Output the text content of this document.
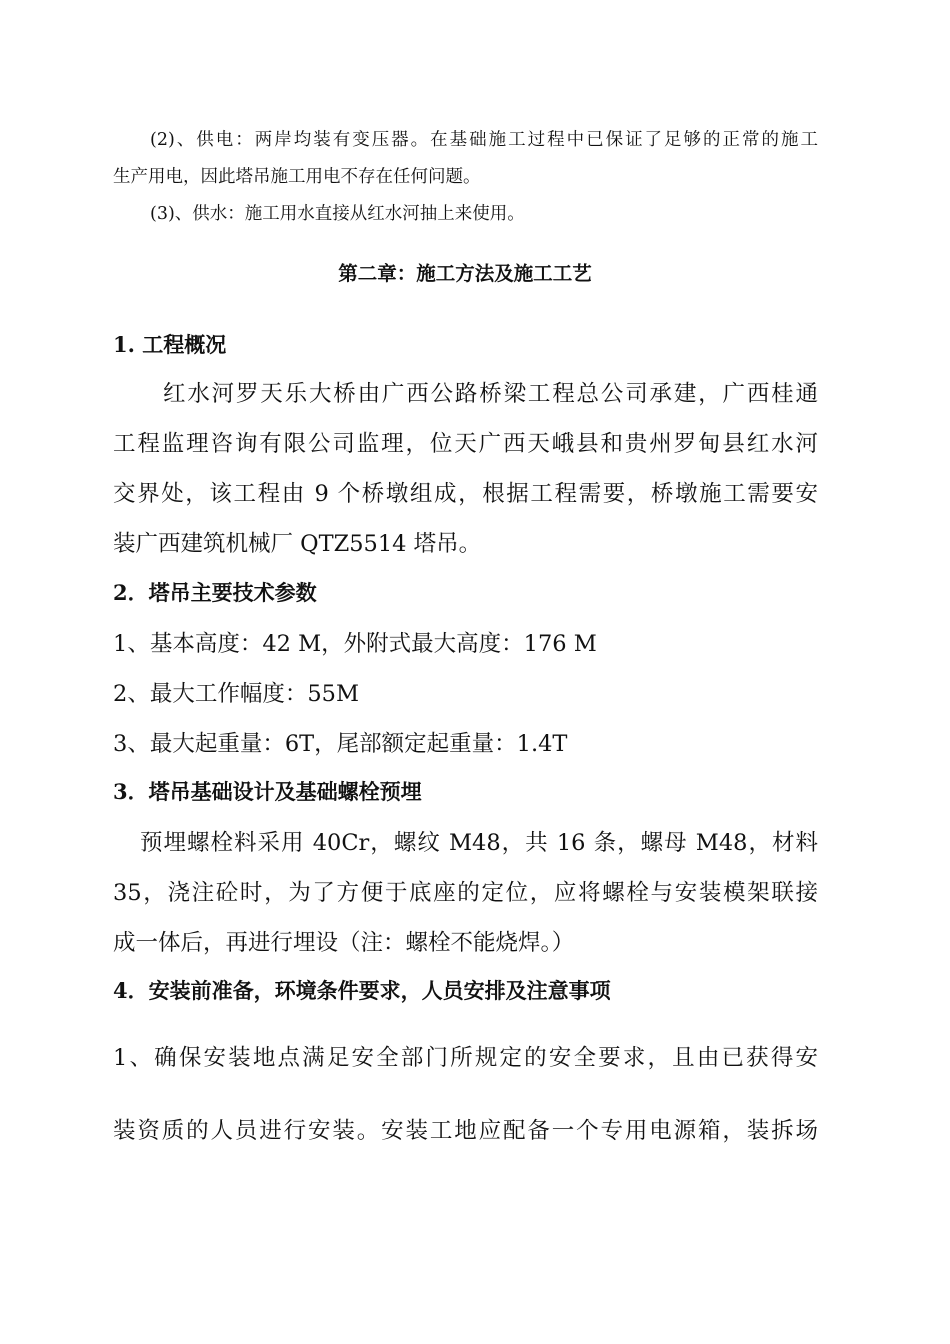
(2)、供电：两岸均装有变压器。在基础施工过程中已保证了足够的正常的施工

生产用电，因此塔吊施工用电不存在任何问题。

(3)、供水：施工用水直接从红水河抽上来使用。

第二章：施工方法及施工工艺

1. 工程概况

红水河罗天乐大桥由广西公路桥梁工程总公司承建，广西桂通

工程监理咨询有限公司监理，位天广西天峨县和贵州罗甸县红水河

交界处，该工程由 9 个桥墩组成，根据工程需要，桥墩施工需要安

装广西建筑机械厂 QTZ5514 塔吊。

2．塔吊主要技术参数

1、基本高度：42 M，外附式最大高度：176 M

2、最大工作幅度：55M

3、最大起重量：6T，尾部额定起重量：1.4T

3．塔吊基础设计及基础螺栓预埋

预埋螺栓料采用 40Cr，螺纹 M48，共 16 条，螺母 M48，材料

35，浇注砼时，为了方便于底座的定位，应将螺栓与安装模架联接

成一体后，再进行埋设（注：螺栓不能烧焊。）

4．安装前准备，环境条件要求，人员安排及注意事项

1、确保安装地点满足安全部门所规定的安全要求，且由已获得安

装资质的人员进行安装。安装工地应配备一个专用电源箱，装拆场
